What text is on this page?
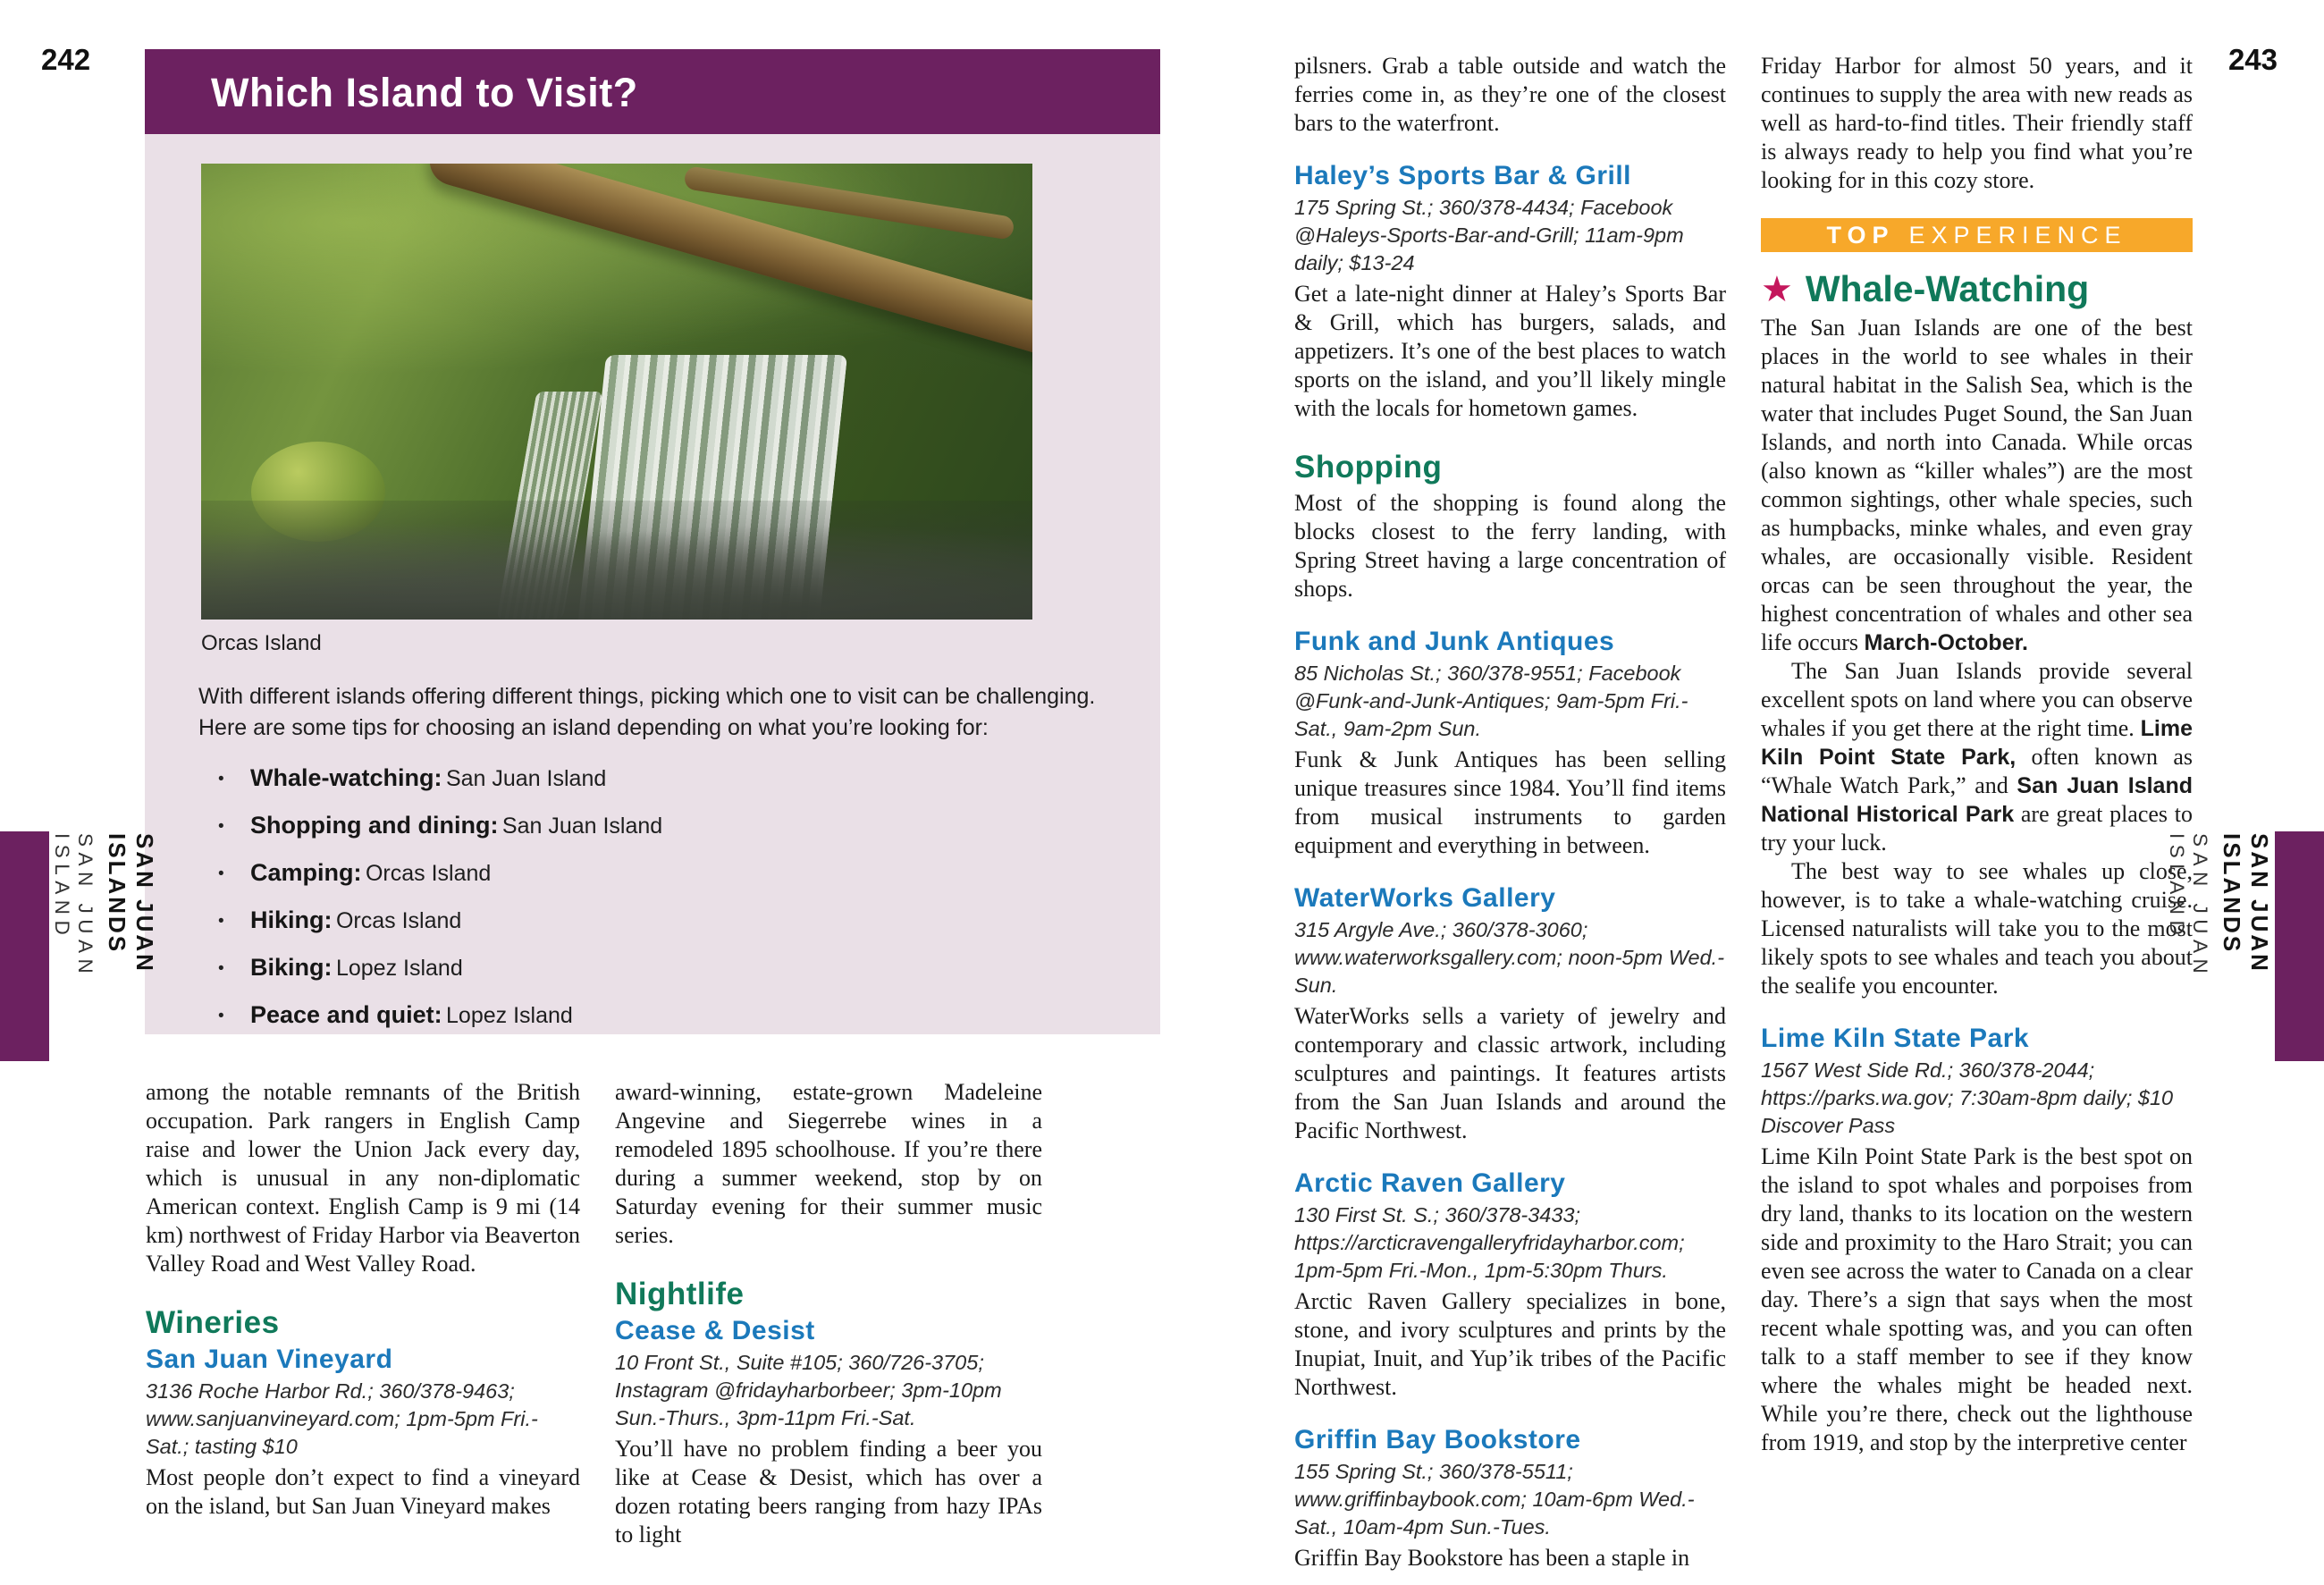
242	243
Which Island to Visit?
Orcas Island
With different islands offering different things, picking which one to visit can be challenging. Here are some tips for choosing an island depending on what you’re looking for:
• Whale-watching: San Juan Island
• Shopping and dining: San Juan Island
• Camping: Orcas Island
• Hiking: Orcas Island
• Biking: Lopez Island
• Peace and quiet: Lopez Island

among the notable remnants of the British occupation. Park rangers in English Camp raise and lower the Union Jack every day, which is unusual in any non-diplomatic American context. English Camp is 9 mi (14 km) northwest of Friday Harbor via Beaverton Valley Road and West Valley Road.

Wineries
San Juan Vineyard

3136 Roche Harbor Rd.; 360/378-9463; www.sanjuanvineyard.com; 1pm-5pm Fri.-Sat.; tasting $10

Most people don’t expect to find a vineyard on the island, but San Juan Vineyard makes

award-winning, estate-grown Madeleine Angevine and Siegerrebe wines in a remodeled 1895 schoolhouse. If you’re there during a summer weekend, stop by on Saturday evening for their summer music series.

Nightlife
Cease & Desist

10 Front St., Suite #105; 360/726-3705; Instagram @fridayharborbeer; 3pm-10pm Sun.-Thurs., 3pm-11pm Fri.-Sat.

You’ll have no problem finding a beer you like at Cease & Desist, which has over a dozen rotating beers ranging from hazy IPAs to light

pilsners. Grab a table outside and watch the ferries come in, as they’re one of the closest bars to the waterfront.

Haley’s Sports Bar & Grill

175 Spring St.; 360/378-4434; Facebook @Haleys-Sports-Bar-and-Grill; 11am-9pm daily; $13-24

Get a late-night dinner at Haley’s Sports Bar & Grill, which has burgers, salads, and appetizers. It’s one of the best places to watch sports on the island, and you’ll likely mingle with the locals for hometown games.

Shopping

Most of the shopping is found along the blocks closest to the ferry landing, with Spring Street having a large concentration of shops.

Funk and Junk Antiques

85 Nicholas St.; 360/378-9551; Facebook @Funk-and-Junk-Antiques; 9am-5pm Fri.-Sat., 9am-2pm Sun.

Funk & Junk Antiques has been selling unique treasures since 1984. You’ll find items from musical instruments to garden equipment and everything in between.

WaterWorks Gallery

315 Argyle Ave.; 360/378-3060; www.waterworksgallery.com; noon-5pm Wed.-Sun.

WaterWorks sells a variety of jewelry and contemporary and classic artwork, including sculptures and paintings. It features artists from the San Juan Islands and around the Pacific Northwest.

Arctic Raven Gallery

130 First St. S.; 360/378-3433; https://arcticravengalleryfridayharbor.com; 1pm-5pm Fri.-Mon., 1pm-5:30pm Thurs.

Arctic Raven Gallery specializes in bone, stone, and ivory sculptures and prints by the Inupiat, Inuit, and Yup’ik tribes of the Pacific Northwest.

Griffin Bay Bookstore

155 Spring St.; 360/378-5511; www.griffinbaybook.com; 10am-6pm Wed.-Sat., 10am-4pm Sun.-Tues.

Griffin Bay Bookstore has been a staple in

Friday Harbor for almost 50 years, and it continues to supply the area with new reads as well as hard-to-find titles. Their friendly staff is always ready to help you find what you’re looking for in this cozy store.

TOP EXPERIENCE
★ Whale-Watching

The San Juan Islands are one of the best places in the world to see whales in their natural habitat in the Salish Sea, which is the water that includes Puget Sound, the San Juan Islands, and north into Canada. While orcas (also known as “killer whales”) are the most common sightings, other whale species, such as humpbacks, minke whales, and even gray whales, are occasionally visible. Resident orcas can be seen throughout the year, the highest concentration of whales and other sea life occurs March-October.

The San Juan Islands provide several excellent spots on land where you can observe whales if you get there at the right time. Lime Kiln Point State Park, often known as “Whale Watch Park,” and San Juan Island National Historical Park are great places to try your luck.

The best way to see whales up close, however, is to take a whale-watching cruise. Licensed naturalists will take you to the most likely spots to see whales and teach you about the sealife you encounter.

Lime Kiln State Park

1567 West Side Rd.; 360/378-2044; https://parks.wa.gov; 7:30am-8pm daily; $10 Discover Pass

Lime Kiln Point State Park is the best spot on the island to spot whales and porpoises from dry land, thanks to its location on the western side and proximity to the Haro Strait; you can even see across the water to Canada on a clear day. There’s a sign that says when the most recent whale spotting was, and you can often talk to a staff member to see if they know where the whales might be headed next. While you’re there, check out the lighthouse from 1919, and stop by the interpretive center

SAN JUAN ISLANDS
SAN JUAN ISLAND	SAN JUAN ISLANDS
SAN JUAN ISLAND
